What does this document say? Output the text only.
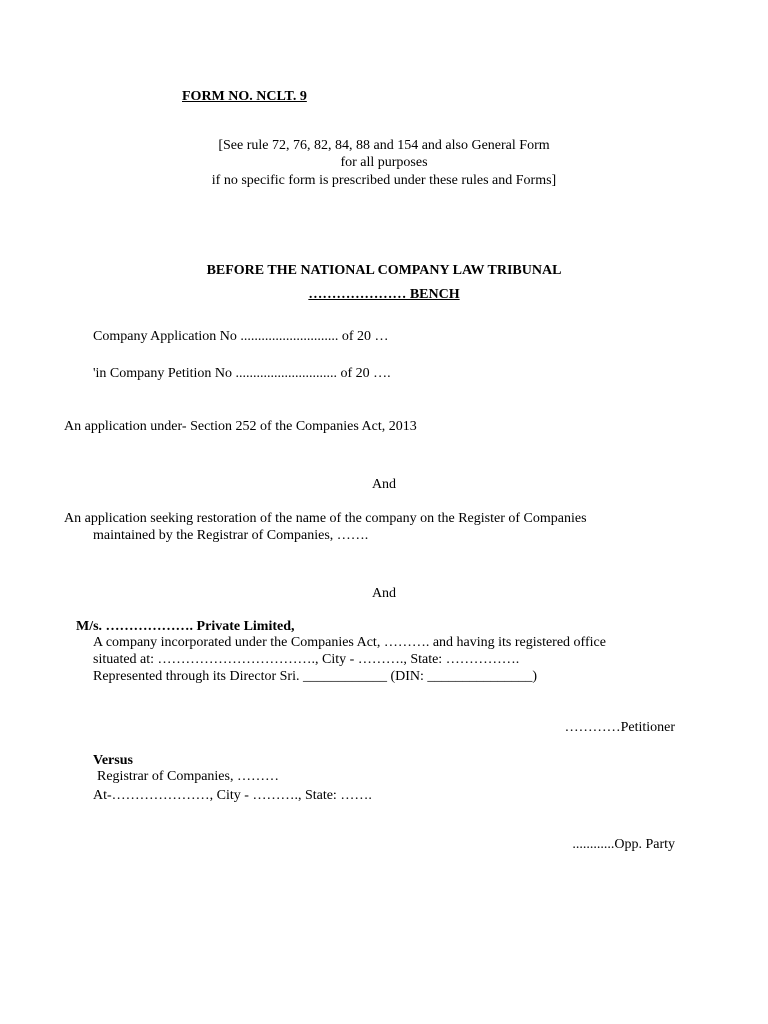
FORM NO. NCLT. 9
[See rule 72, 76, 82, 84, 88 and 154 and also General Form
for all purposes
if no specific form is prescribed under these rules and Forms]
BEFORE THE NATIONAL COMPANY LAW TRIBUNAL
………………… BENCH
Company Application No ............................ of 20 …
'in Company Petition No ............................. of 20 ….
An application under- Section 252 of the Companies Act, 2013
And
An application seeking restoration of the name of the company on the Register of Companies
maintained by the Registrar of Companies, …….
And
M/s. ………………. Private Limited,
A company incorporated under the Companies Act, ………. and having its registered office
situated at: ……………………………., City - ………., State: …………….
Represented through its Director Sri. ____________ (DIN: _______________)
…………Petitioner
Versus
Registrar of Companies, ………
At-…………………, City - ………., State: …….
............Opp. Party
